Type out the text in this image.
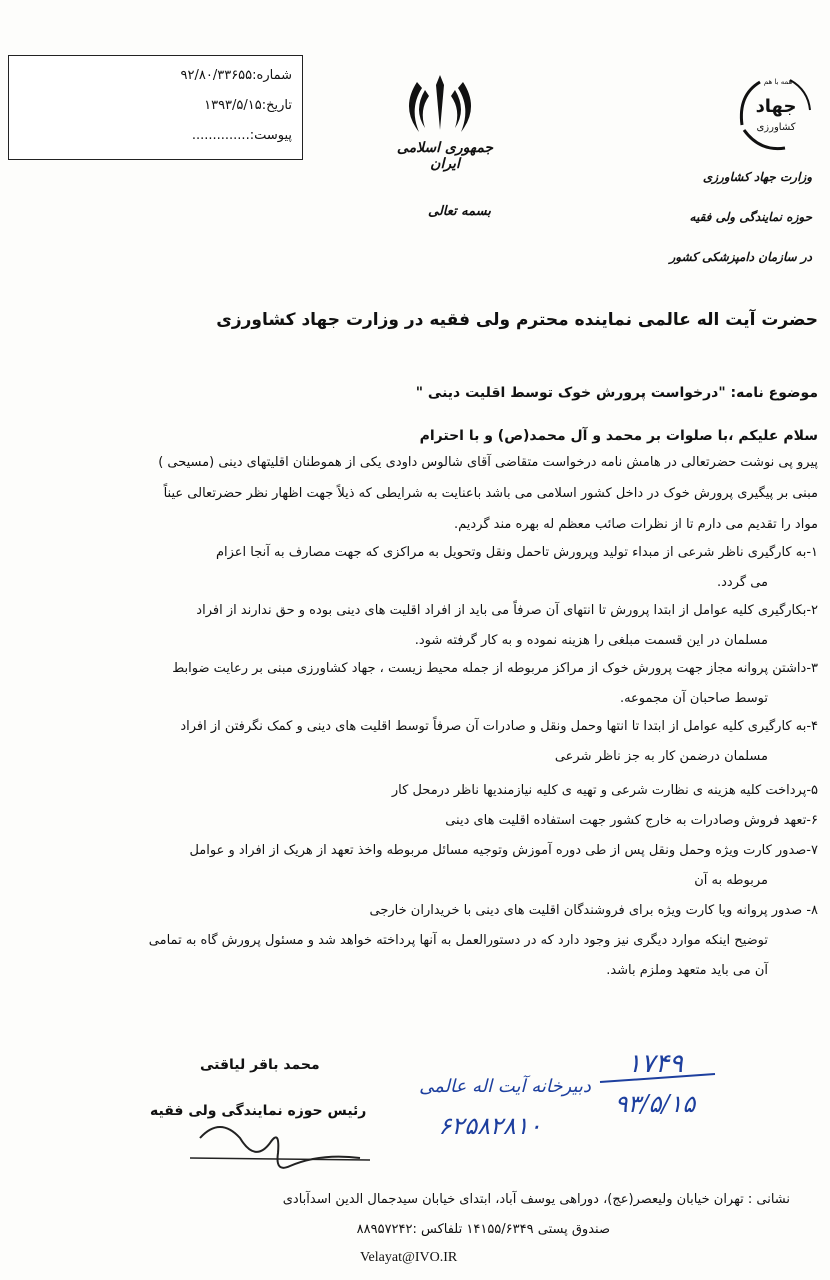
شماره:۹۲/۸۰/۳۳۶۵۵
تاریخ:۱۳۹۳/۵/۱۵
پیوست:..............
جمهوری اسلامی ایران
بسمه تعالی
همه با هم
جهاد
کشاورزی
وزارت جهاد کشاورزی
حوزه نمایندگی ولی فقیه
در سازمان دامپزشکی کشور
حضرت آیت اله عالمی نماینده محترم ولی فقیه در وزارت جهاد کشاورزی
موضوع نامه: "درخواست پرورش خوک توسط اقلیت دینی "
سلام علیکم ،با صلوات بر محمد و آل محمد(ص) و با احترام
پیرو پی نوشت حضرتعالی در هامش نامه درخواست متقاضی آقای شالوس داودی یکی از هموطنان اقلیتهای دینی (مسیحی )
مبنی بر پیگیری پرورش خوک در داخل کشور اسلامی می باشد باعنایت به شرایطی که ذیلاً جهت اظهار نظر حضرتعالی عیناً
مواد را تقدیم می دارم تا از نظرات صائب معظم له بهره مند گردیم.
۱-به کارگیری ناظر شرعی از مبداء تولید وپرورش تاحمل ونقل وتحویل به مراکزی که جهت مصارف به آنجا اعزام
می گردد.
۲-بکارگیری کلیه عوامل از ابتدا پرورش تا انتهای آن صرفاً می باید از افراد اقلیت های دینی بوده و حق ندارند از افراد
مسلمان در این قسمت مبلغی را هزینه نموده و به کار گرفته شود.
۳-داشتن پروانه مجاز جهت پرورش خوک از مراکز مربوطه از جمله محیط زیست ، جهاد کشاورزی مبنی بر رعایت ضوابط
توسط صاحبان آن مجموعه.
۴-به کارگیری کلیه عوامل از ابتدا تا انتها وحمل ونقل و صادرات آن صرفاً توسط اقلیت های دینی و کمک نگرفتن از افراد
مسلمان درضمن کار به جز ناظر شرعی
۵-پرداخت کلیه هزینه ی نظارت شرعی و تهیه ی کلیه نیازمندیها ناظر درمحل کار
۶-تعهد فروش وصادرات به خارج کشور جهت استفاده اقلیت های دینی
۷-صدور کارت ویژه وحمل ونقل پس از طی دوره آموزش وتوجیه مسائل مربوطه واخذ تعهد از هریک از افراد و عوامل
مربوطه به آن
۸- صدور پروانه ویا کارت ویژه برای فروشندگان اقلیت های دینی با خریداران خارجی
توضیح اینکه موارد دیگری نیز وجود دارد که در دستورالعمل به آنها پرداخته خواهد شد و مسئول پرورش گاه به تمامی
آن می باید متعهد وملزم باشد.
محمد باقر لیاقتی
رئیس حوزه نمایندگی ولی فقیه
۱۷۴۹
۹۳/۵/۱۵
دبیرخانه آیت اله عالمی
۶۲۵۸۲۸۱۰
نشانی : تهران خیابان ولیعصر(عج)، دوراهی یوسف آباد، ابتدای خیابان سیدجمال الدین اسدآبادی
صندوق پستی ۱۴۱۵۵/۶۳۴۹ تلفاکس :۸۸۹۵۷۲۴۲
Velayat@IVO.IR
